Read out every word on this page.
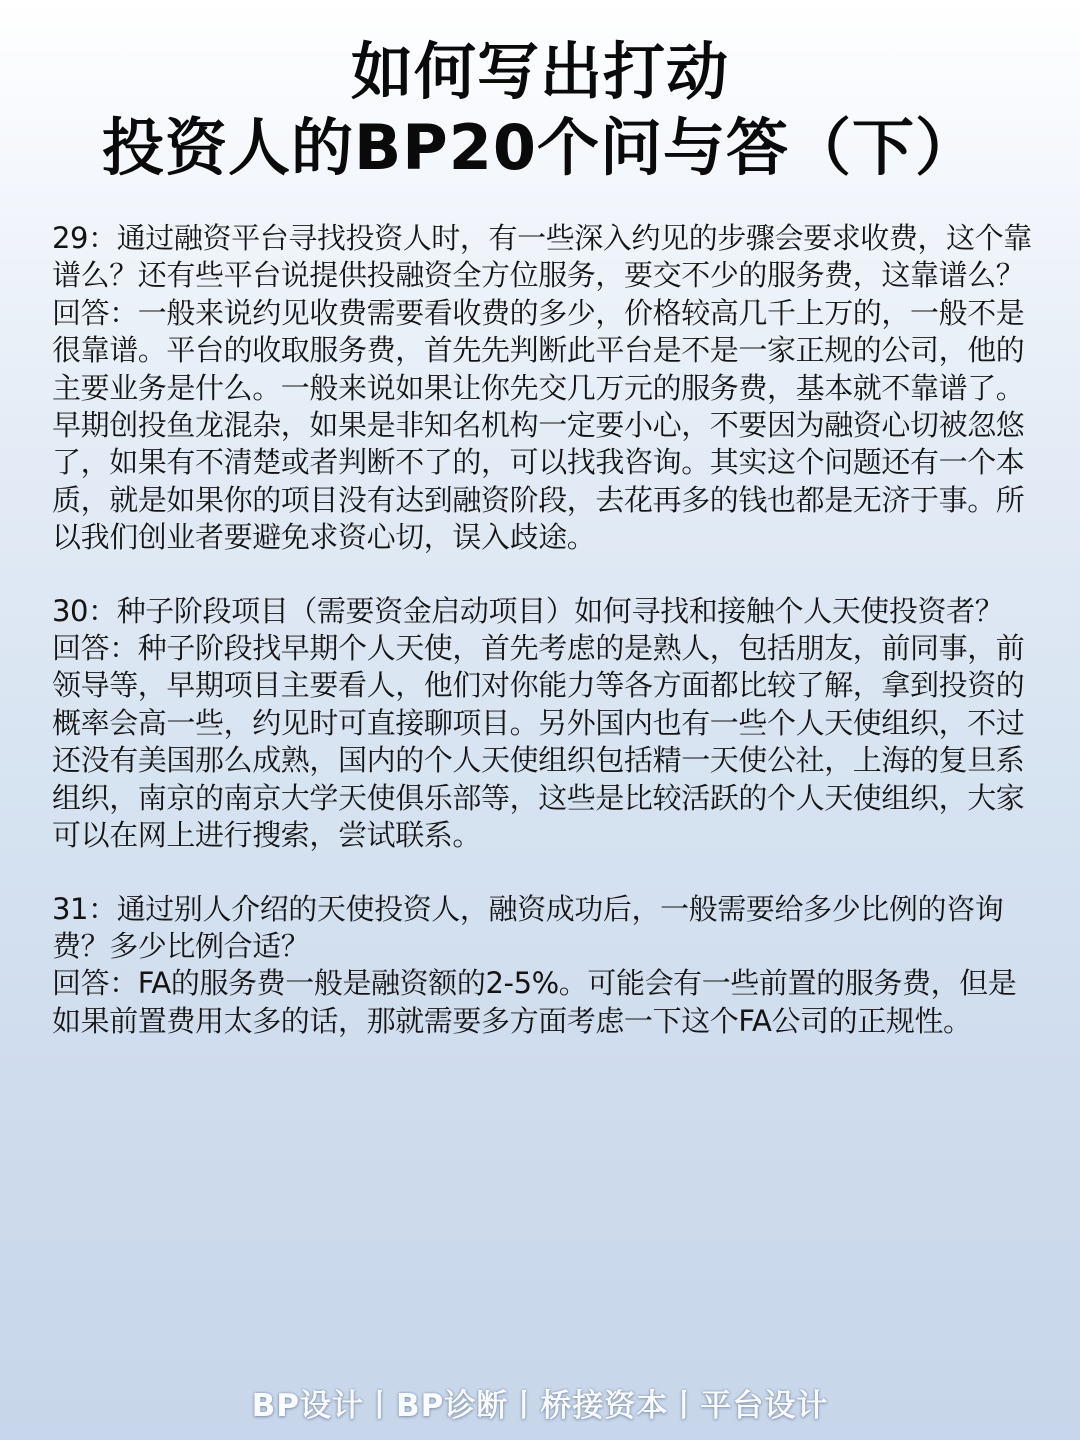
如何写出打动
投资人的BP20个问与答（下）

29：通过融资平台寻找投资人时，有一些深入约见的步骤会要求收费，这个靠谱么？还有些平台说提供投融资全方位服务，要交不少的服务费，这靠谱么？

回答：一般来说约见收费需要看收费的多少，价格较高几千上万的，一般不是很靠谱。平台的收取服务费，首先先判断此平台是不是一家正规的公司，他的主要业务是什么。一般来说如果让你先交几万元的服务费，基本就不靠谱了。早期创投鱼龙混杂，如果是非知名机构一定要小心，不要因为融资心切被忽悠了，如果有不清楚或者判断不了的，可以找我咨询。其实这个问题还有一个本质，就是如果你的项目没有达到融资阶段，去花再多的钱也都是无济于事。所以我们创业者要避免求资心切，误入歧途。

30：种子阶段项目（需要资金启动项目）如何寻找和接触个人天使投资者？

回答：种子阶段找早期个人天使，首先考虑的是熟人，包括朋友，前同事，前领导等，早期项目主要看人，他们对你能力等各方面都比较了解，拿到投资的概率会高一些，约见时可直接聊项目。另外国内也有一些个人天使组织，不过还没有美国那么成熟，国内的个人天使组织包括精一天使公社，上海的复旦系组织，南京的南京大学天使俱乐部等，这些是比较活跃的个人天使组织，大家可以在网上进行搜索，尝试联系。

31：通过别人介绍的天使投资人，融资成功后，一般需要给多少比例的咨询费？多少比例合适？

回答：FA的服务费一般是融资额的2-5%。可能会有一些前置的服务费，但是如果前置费用太多的话，那就需要多方面考虑一下这个FA公司的正规性。

BP设计丨BP诊断丨桥接资本丨平台设计
